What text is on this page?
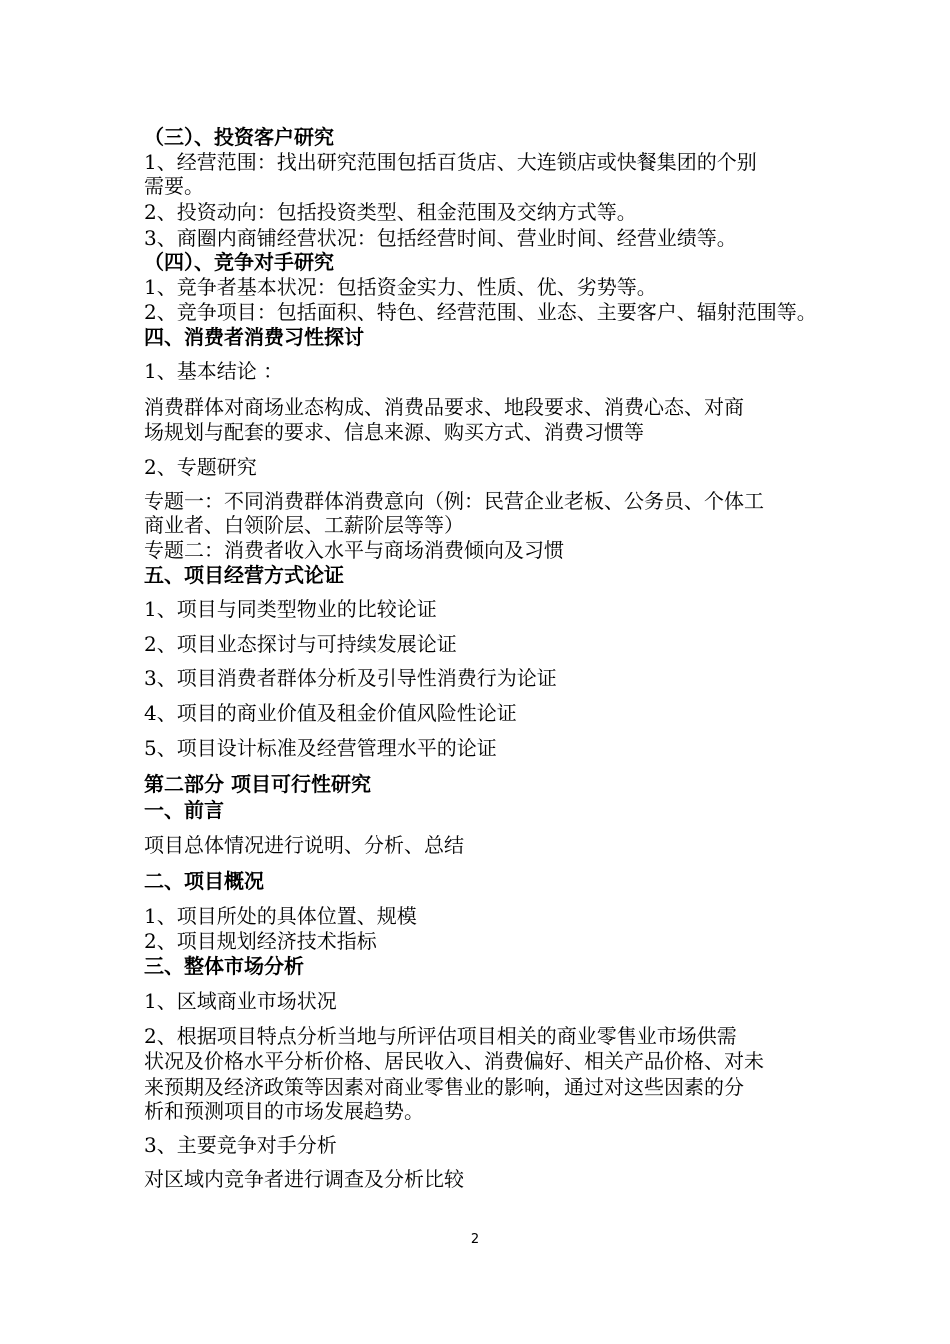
（三）、投资客户研究
1、经营范围：找出研究范围包括百货店、大连锁店或快餐集团的个别
需要。
2、投资动向：包括投资类型、租金范围及交纳方式等。
3、商圈内商铺经营状况：包括经营时间、营业时间、经营业绩等。
（四）、竞争对手研究
1、竞争者基本状况：包括资金实力、性质、优、劣势等。
2、竞争项目：包括面积、特色、经营范围、业态、主要客户、辐射范围等。
四、消费者消费习性探讨
1、基本结论 ：
消费群体对商场业态构成、消费品要求、地段要求、消费心态、对商
场规划与配套的要求、信息来源、购买方式、消费习惯等
2、专题研究
专题一：不同消费群体消费意向（例：民营企业老板、公务员、个体工
商业者、白领阶层、工薪阶层等等）
专题二：消费者收入水平与商场消费倾向及习惯
五、项目经营方式论证
1、项目与同类型物业的比较论证
2、项目业态探讨与可持续发展论证
3、项目消费者群体分析及引导性消费行为论证
4、项目的商业价值及租金价值风险性论证
5、项目设计标准及经营管理水平的论证
第二部分 项目可行性研究
一、前言
项目总体情况进行说明、分析、总结
二、项目概况
1、项目所处的具体位置、规模
2、项目规划经济技术指标
三、整体市场分析
1、区域商业市场状况
2、根据项目特点分析当地与所评估项目相关的商业零售业市场供需
状况及价格水平分析价格、居民收入、消费偏好、相关产品价格、对未
来预期及经济政策等因素对商业零售业的影响，通过对这些因素的分
析和预测项目的市场发展趋势。
3、主要竞争对手分析
对区域内竞争者进行调查及分析比较
2
